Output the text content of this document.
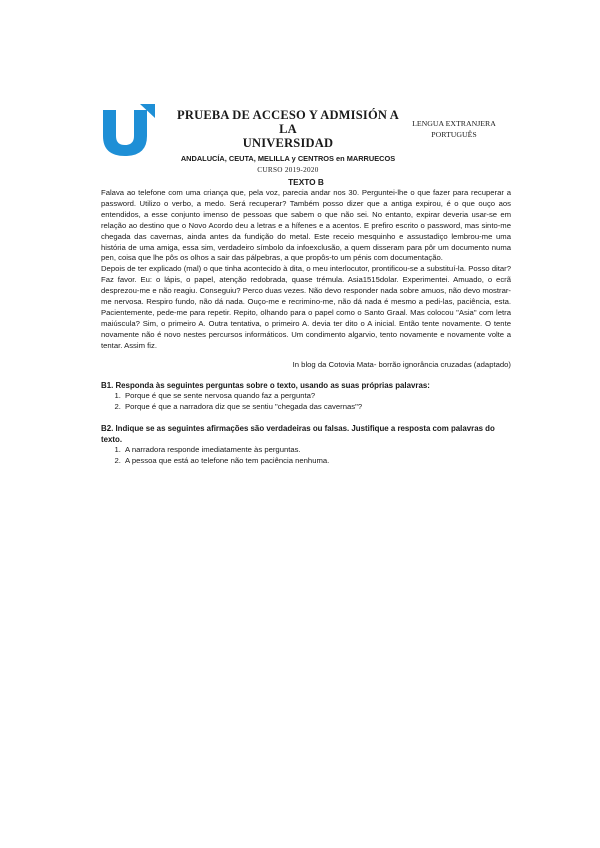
PRUEBA DE ACCESO Y ADMISIÓN A LA
UNIVERSIDAD
ANDALUCÍA, CEUTA, MELILLA y CENTROS en MARRUECOS
CURSO 2019-2020
LENGUA EXTRANJERA
PORTUGUÊS
TEXTO B

Falava ao telefone com uma criança que, pela voz, parecia andar nos 30. Perguntei-lhe o que fazer para recuperar a password. Utilizo o verbo, a medo. Será recuperar? Também posso dizer que a antiga expirou, é o que ouço aos entendidos, a esse conjunto imenso de pessoas que sabem o que não sei. No entanto, expirar deveria usar-se em relação ao destino que o Novo Acordo deu a letras e a hífenes e a acentos. E prefiro escrito o password, mas sinto-me chegada das cavernas, ainda antes da fundição do metal. Este receio mesquinho e assustadiço lembrou-me uma história de uma amiga, essa sim, verdadeiro símbolo da infoexclusão, a quem disseram para pôr um documento numa pen, coisa que lhe pôs os olhos a sair das pálpebras, a que propôs-to um pénis com documentação.

Depois de ter explicado (mal) o que tinha acontecido à dita, o meu interlocutor, prontificou-se a substituí-la. Posso ditar? Faz favor. Eu: o lápis, o papel, atenção redobrada, quase trémula. Asia1515dolar. Experimentei. Amuado, o ecrã desprezou-me e não reagiu. Conseguiu? Perco duas vezes. Não devo responder nada sobre amuos, não devo mostrar-me nervosa. Respiro fundo, não dá nada. Ouço-me e recrimino-me, não dá nada é mesmo a pedi-las, paciência, esta. Pacientemente, pede-me para repetir. Repito, olhando para o papel como o Santo Graal. Mas colocou "Asia" com letra maiúscula? Sim, o primeiro A. Outra tentativa, o primeiro A. devia ter dito o A inicial. Então tente novamente. O tente novamente não é novo nestes percursos informáticos. Um condimento algarvio, tento novamente e novamente volte a tentar. Assim fiz.

In blog da Cotovia Mata- borrão ignorância cruzadas (adaptado)
B1. Responda às seguintes perguntas sobre o texto, usando as suas próprias palavras:
1. Porque é que se sente nervosa quando faz a pergunta?
2. Porque é que a narradora diz que se sentiu "chegada das cavernas"?
B2. Indique se as seguintes afirmações são verdadeiras ou falsas. Justifique a resposta com palavras do texto.
1. A narradora responde imediatamente às perguntas.
2. A pessoa que está ao telefone não tem paciência nenhuma.
